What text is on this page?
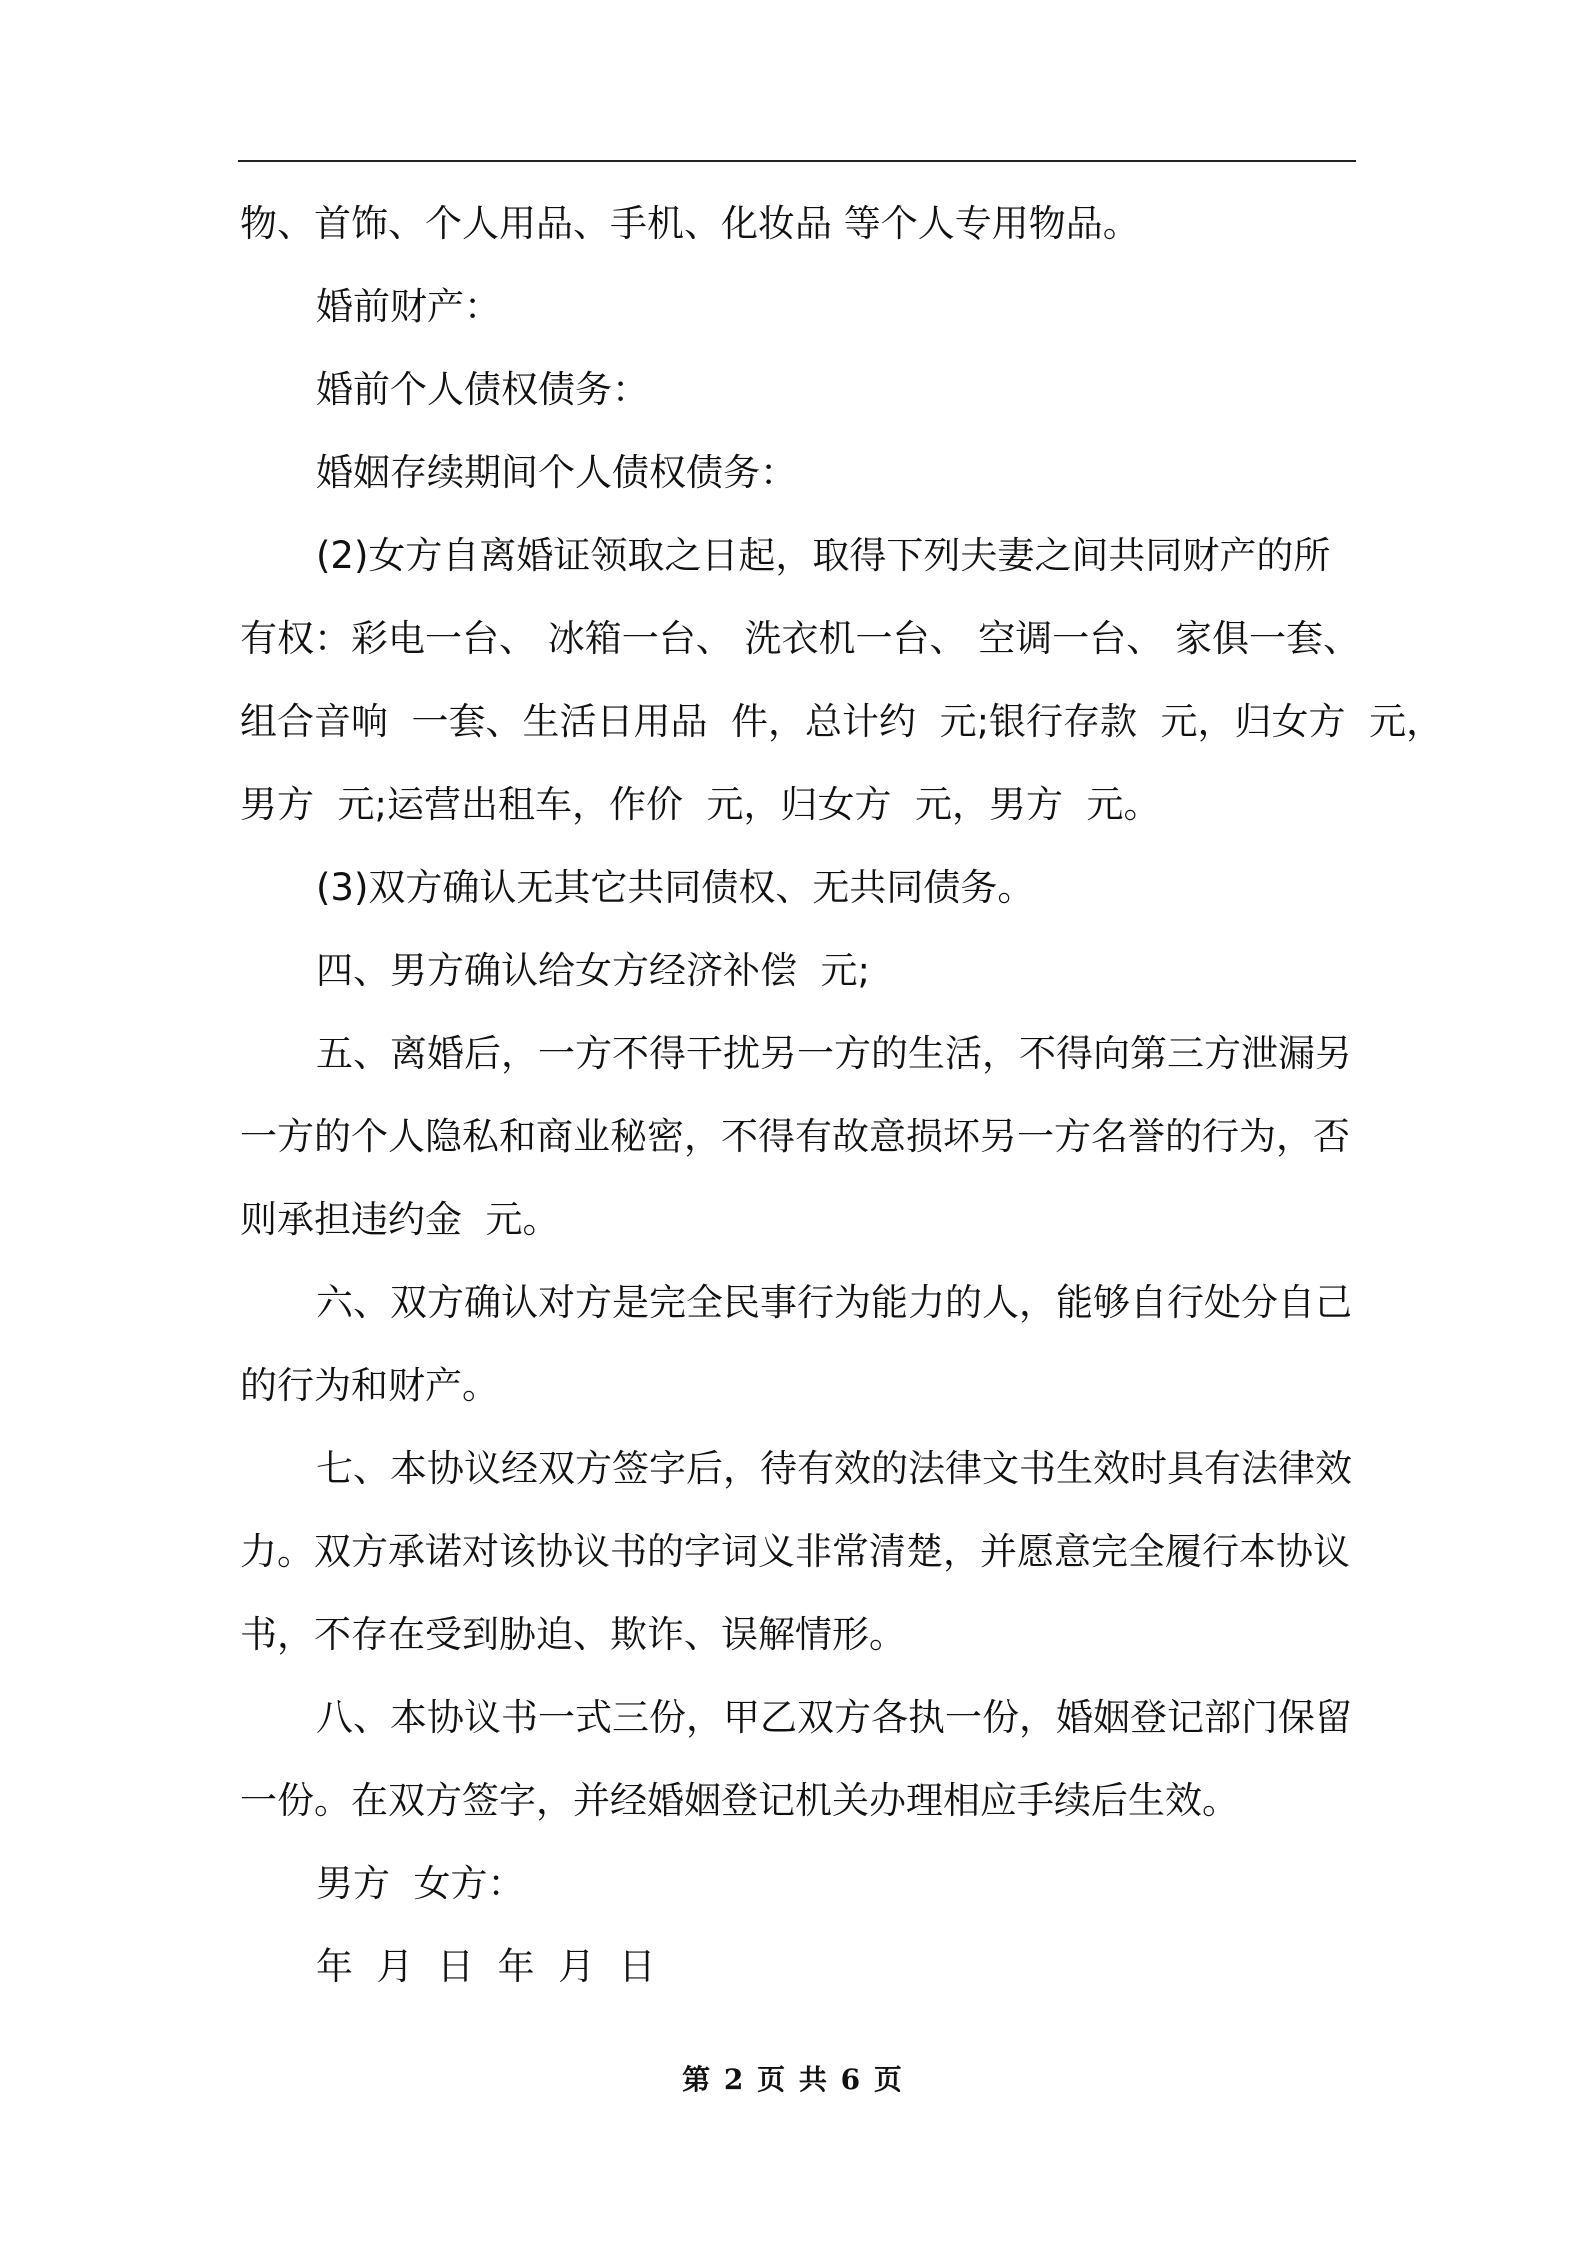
物、首饰、个人用品、手机、化妆品 等个人专用物品。

婚前财产：

婚前个人债权债务：

婚姻存续期间个人债权债务：

(2)女方自离婚证领取之日起，取得下列夫妻之间共同财产的所

有权：彩电一台、 冰箱一台、 洗衣机一台、 空调一台、 家俱一套、

组合音响  一套、生活日用品  件，总计约  元;银行存款  元，归女方  元，

男方  元;运营出租车，作价  元，归女方  元，男方  元。

(3)双方确认无其它共同债权、无共同债务。

四、男方确认给女方经济补偿  元;

五、离婚后，一方不得干扰另一方的生活，不得向第三方泄漏另

一方的个人隐私和商业秘密，不得有故意损坏另一方名誉的行为，否

则承担违约金  元。

六、双方确认对方是完全民事行为能力的人，能够自行处分自己

的行为和财产。

七、本协议经双方签字后，待有效的法律文书生效时具有法律效

力。双方承诺对该协议书的字词义非常清楚，并愿意完全履行本协议

书，不存在受到胁迫、欺诈、误解情形。

八、本协议书一式三份，甲乙双方各执一份，婚姻登记部门保留

一份。在双方签字，并经婚姻登记机关办理相应手续后生效。

男方  女方：

年  月  日  年  月  日

第 2 页 共 6 页
